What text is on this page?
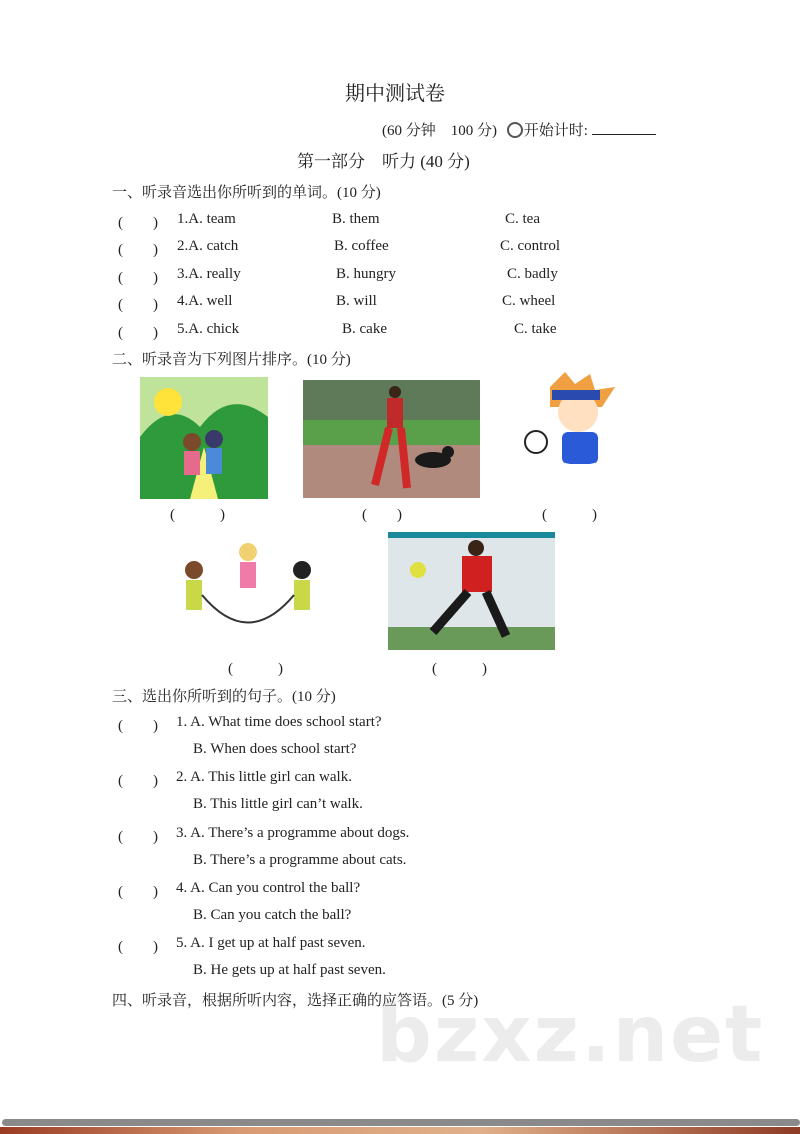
bzxz.net
期中测试卷
(60 分钟　100 分) 开始计时:
第一部分　听力 (40 分)
一、听录音选出你所听到的单词。(10 分)
(　　) 1.A. team	B. them	C. tea
(　　) 2.A. catch	B. coffee	C. control
(　　) 3.A. really	B. hungry	C. badly
(　　) 4.A. well	B. will	C. wheel
(　　) 5.A. chick	B. cake	C. take
二、听录音为下列图片排序。(10 分)
(　　　)	(　　)	(　　　)
(　　　)	(　　　)
三、选出你所听到的句子。(10 分)
(　　) 1. A. What time does school start?
B. When does school start?
(　　) 2. A. This little girl can walk.
B. This little girl can’t walk.
(　　) 3. A. There’s a programme about dogs.
B. There’s a programme about cats.
(　　) 4. A. Can you control the ball?
B. Can you catch the ball?
(　　) 5. A. I get up at half past seven.
B. He gets up at half past seven.
四、听录音，根据所听内容，选择正确的应答语。(5 分)
